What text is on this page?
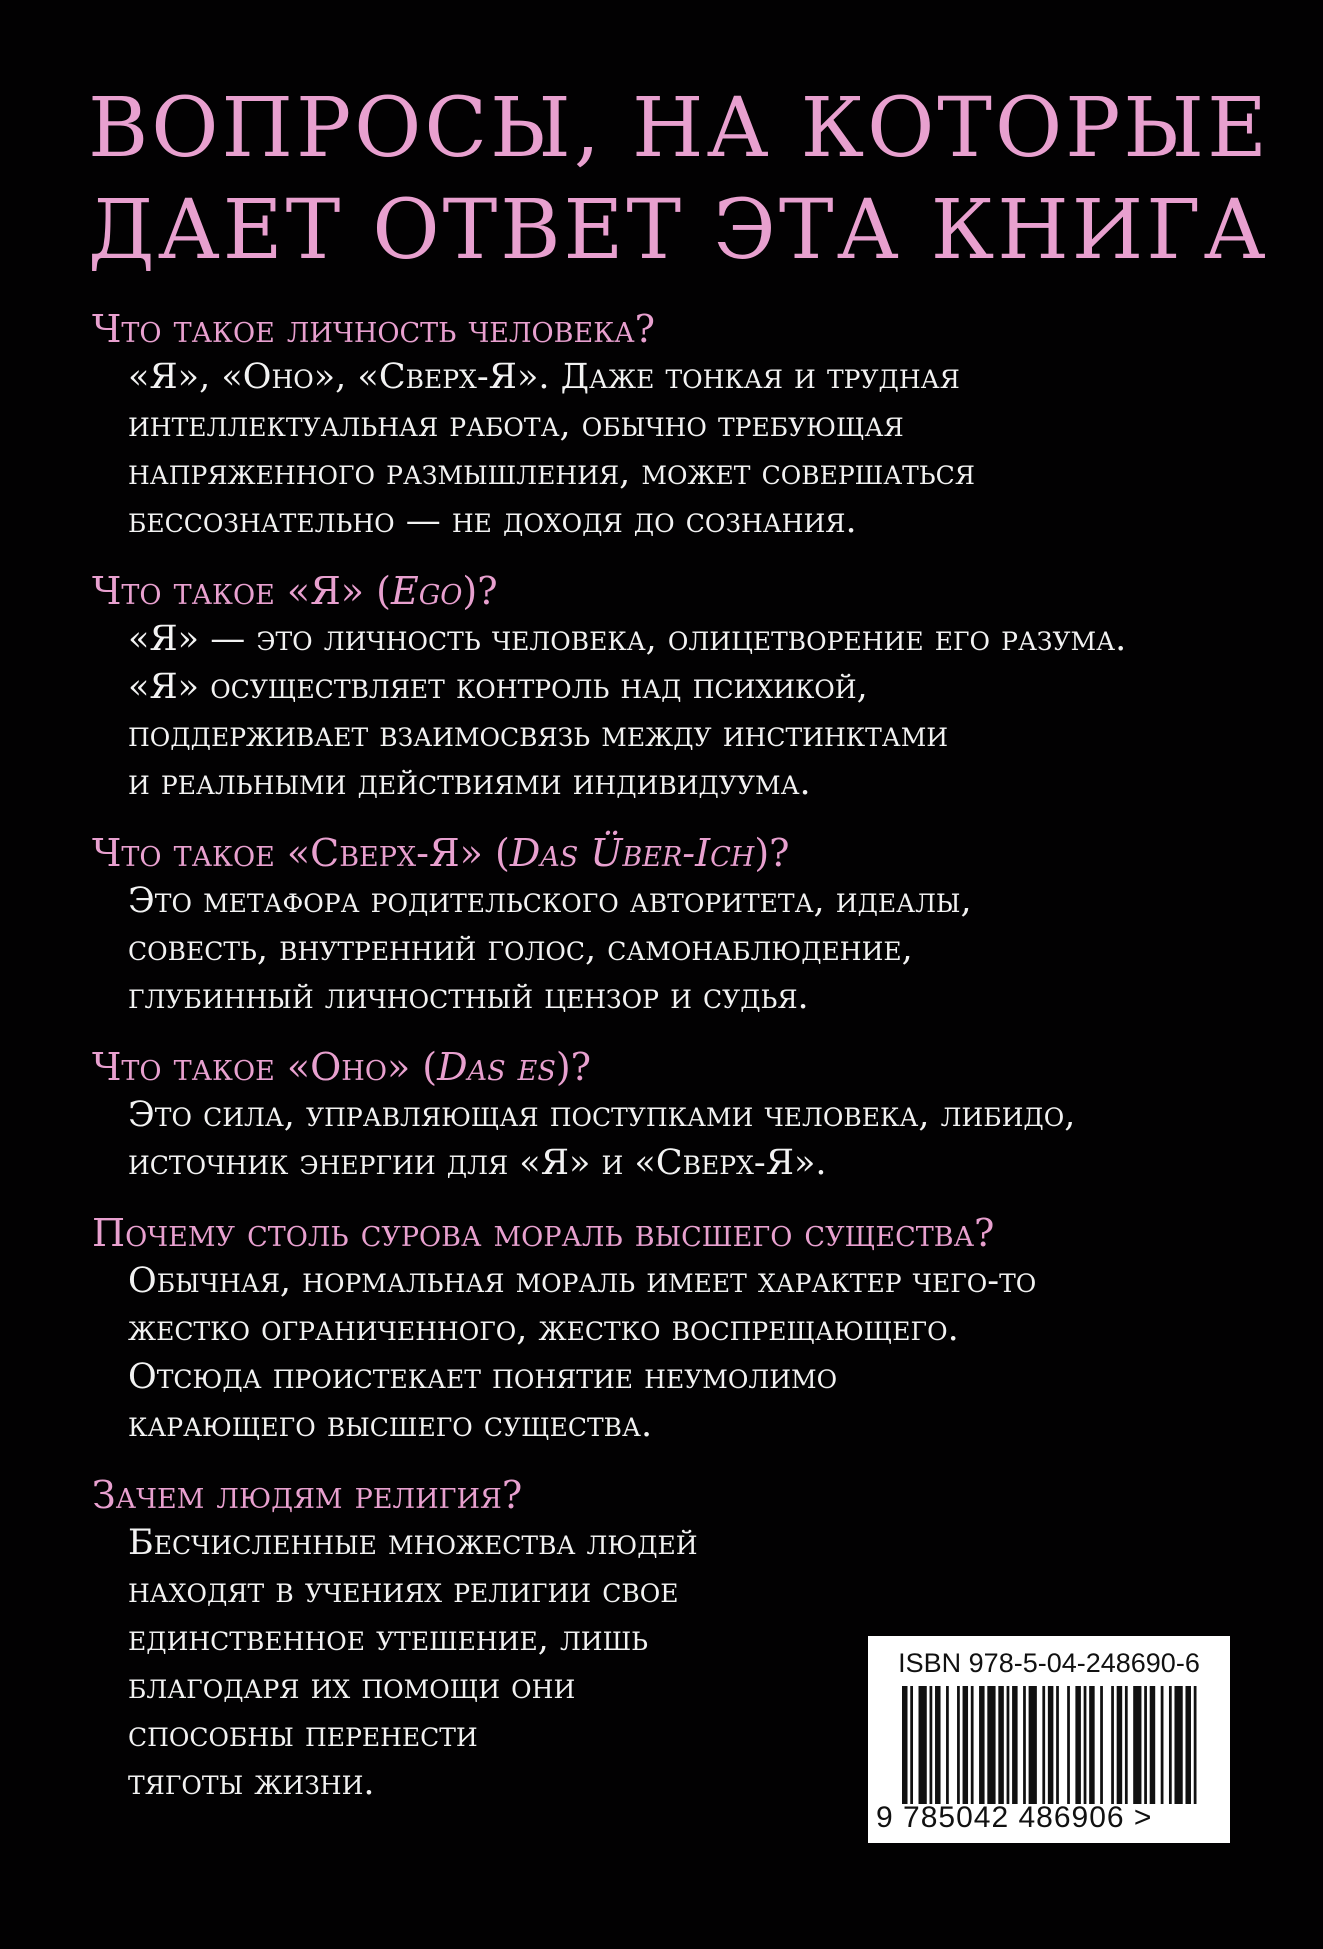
ВОПРОСЫ, НА КОТОРЫЕ
ДАЕТ ОТВЕТ ЭТА КНИГА

Что такое личность человека?

«Я», «Оно», «Сверх-Я». Даже тонкая и трудная
интеллектуальная работа, обычно требующая
напряженного размышления, может совершаться
бессознательно — не доходя до сознания.

Что такое «Я» (Ego)?

«Я» — это личность человека, олицетворение его разума.
«Я» осуществляет контроль над психикой,
поддерживает взаимосвязь между инстинктами
и реальными действиями индивидуума.

Что такое «Сверх-Я» (Das Über-Ich)?

Это метафора родительского авторитета, идеалы,
совесть, внутренний голос, самонаблюдение,
глубинный личностный цензор и судья.

Что такое «Оно» (Das es)?

Это сила, управляющая поступками человека, либидо,
источник энергии для «Я» и «Сверх-Я».

Почему столь сурова мораль высшего существа?

Обычная, нормальная мораль имеет характер чего-то
жестко ограниченного, жестко воспрещающего.
Отсюда проистекает понятие неумолимо
карающего высшего существа.

Зачем людям религия?

Бесчисленные множества людей
находят в учениях религии свое
единственное утешение, лишь
благодаря их помощи они
способны перенести
тяготы жизни.
ISBN 978-5-04-248690-6
9 785042 486906 >
